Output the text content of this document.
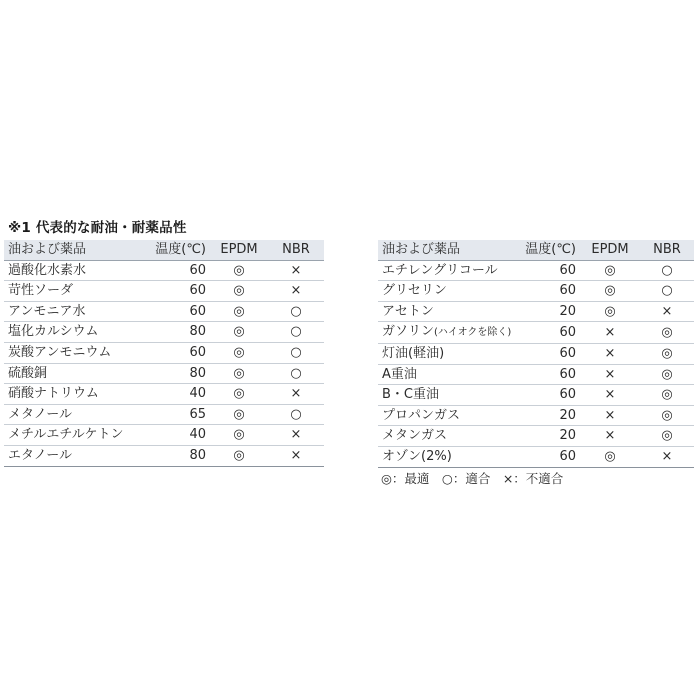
※1 代表的な耐油・耐薬品性
油および薬品	温度(℃)	EPDM	NBR
過酸化水素水	60	◎	×
苛性ソーダ	60	◎	×
アンモニア水	60	◎	○
塩化カルシウム	80	◎	○
炭酸アンモニウム	60	◎	○
硫酸銅	80	◎	○
硝酸ナトリウム	40	◎	×
メタノール	65	◎	○
メチルエチルケトン	40	◎	×
エタノール	80	◎	×
油および薬品	温度(℃)	EPDM	NBR
エチレングリコール	60	◎	○
グリセリン	60	◎	○
アセトン	20	◎	×
ガソリン(ハイオクを除く)	60	×	◎
灯油(軽油)	60	×	◎
A重油	60	×	◎
B・C重油	60	×	◎
プロパンガス	20	×	◎
メタンガス	20	×	◎
オゾン(2%)	60	◎	×
◎：最適　○：適合　×：不適合
